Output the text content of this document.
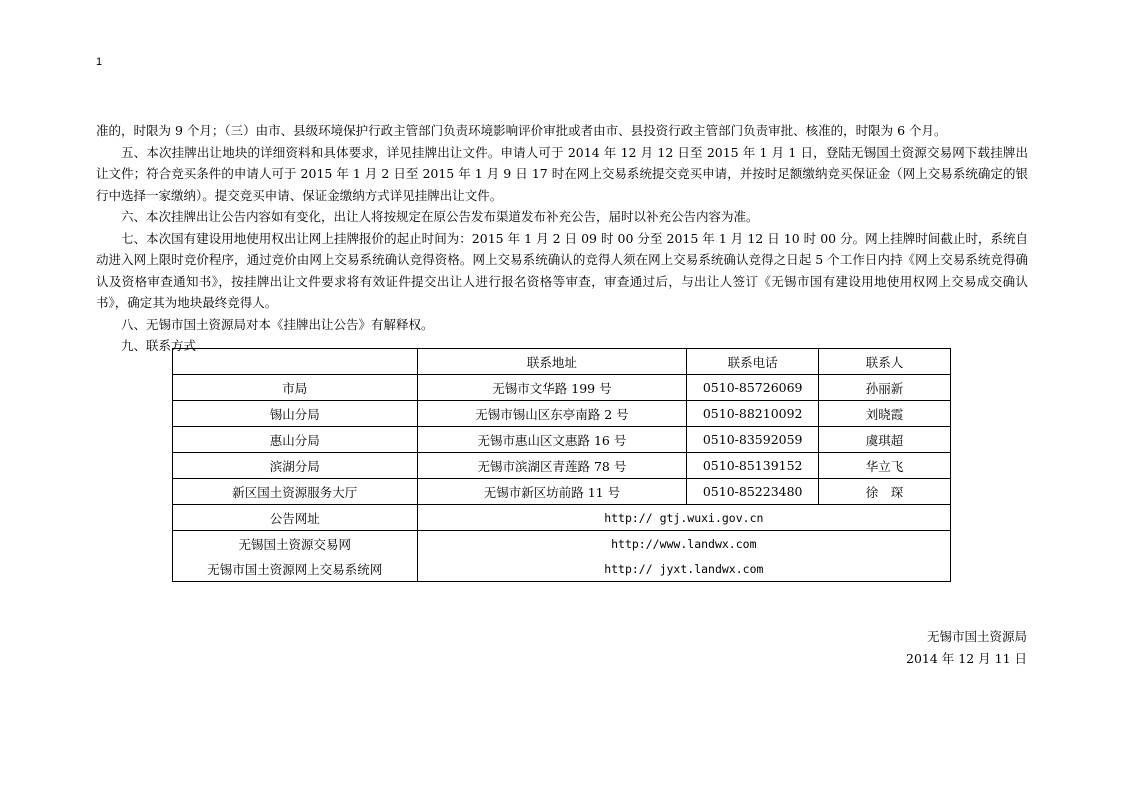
1

准的，时限为 9 个月；（三）由市、县级环境保护行政主管部门负责环境影响评价审批或者由市、县投资行政主管部门负责审批、核准的，时限为 6 个月。

五、本次挂牌出让地块的详细资料和具体要求，详见挂牌出让文件。申请人可于 2014 年 12 月 12 日至 2015 年 1 月 1 日，登陆无锡国土资源交易网下载挂牌出让文件；符合竞买条件的申请人可于 2015 年 1 月 2 日至 2015 年 1 月 9 日 17 时在网上交易系统提交竞买申请，并按时足额缴纳竞买保证金（网上交易系统确定的银行中选择一家缴纳）。提交竞买申请、保证金缴纳方式详见挂牌出让文件。

六、本次挂牌出让公告内容如有变化，出让人将按规定在原公告发布渠道发布补充公告，届时以补充公告内容为准。

七、本次国有建设用地使用权出让网上挂牌报价的起止时间为：2015 年 1 月 2 日 09 时 00 分至 2015 年 1 月 12 日 10 时 00 分。网上挂牌时间截止时，系统自动进入网上限时竞价程序，通过竞价由网上交易系统确认竞得资格。网上交易系统确认的竞得人须在网上交易系统确认竞得之日起 5 个工作日内持《网上交易系统竞得确认及资格审查通知书》，按挂牌出让文件要求将有效证件提交出让人进行报名资格等审查，审查通过后，与出让人签订《无锡市国有建设用地使用权网上交易成交确认书》，确定其为地块最终竞得人。

八、无锡市国土资源局对本《挂牌出让公告》有解释权。

九、联系方式

	联系地址	联系电话	联系人
市局	无锡市文华路 199 号	0510-85726069	孙丽新
锡山分局	无锡市锡山区东亭南路 2 号	0510-88210092	刘晓霞
惠山分局	无锡市惠山区文惠路 16 号	0510-83592059	虞琪超
滨湖分局	无锡市滨湖区青莲路 78 号	0510-85139152	华立飞
新区国土资源服务大厅	无锡市新区坊前路 11 号	0510-85223480	徐　琛
公告网址	http:// gtj.wuxi.gov.cn		
无锡国土资源交易网	http://www.landwx.com		
无锡市国土资源网上交易系统网	http:// jyxt.landwx.com		
无锡市国土资源局
2014 年 12 月 11 日
